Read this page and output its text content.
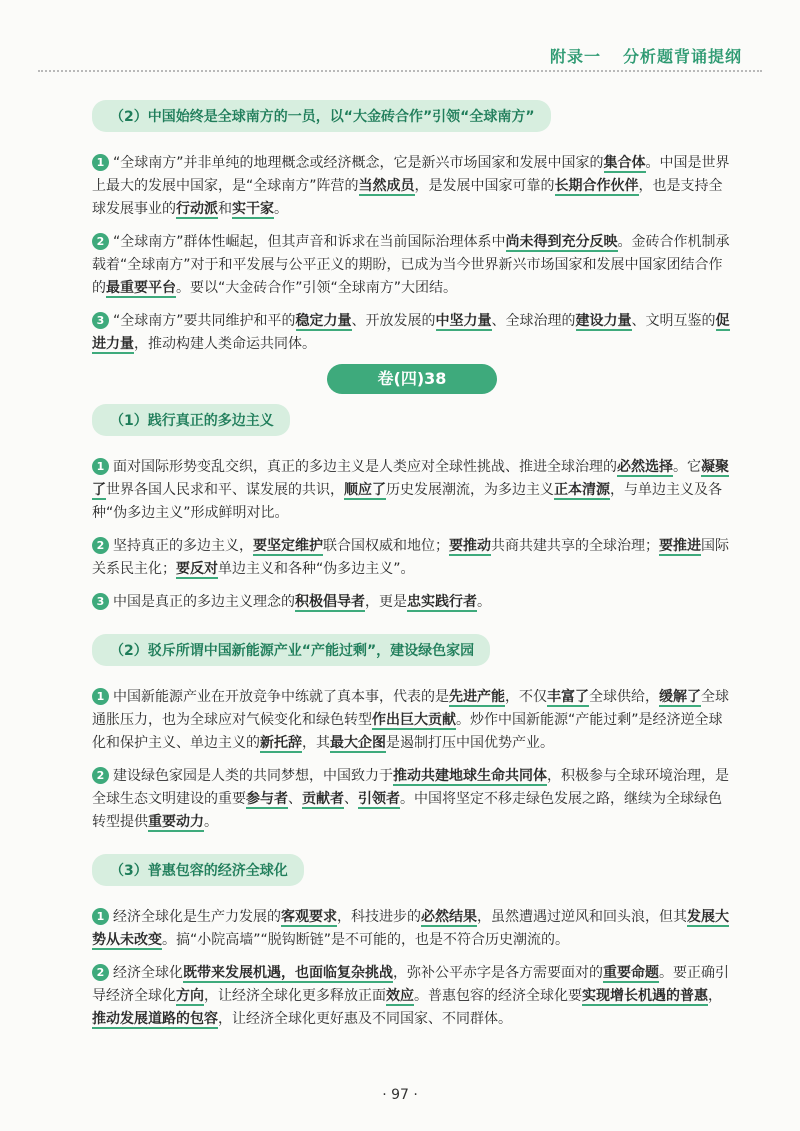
附录一 分析题背诵提纲
（2）中国始终是全球南方的一员，以“大金砖合作”引领“全球南方”

1 “全球南方”并非单纯的地理概念或经济概念，它是新兴市场国家和发展中国家的集合体。中国是世界上最大的发展中国家，是“全球南方”阵营的当然成员，是发展中国家可靠的长期合作伙伴，也是支持全球发展事业的行动派和实干家。

2 “全球南方”群体性崛起，但其声音和诉求在当前国际治理体系中尚未得到充分反映。金砖合作机制承载着“全球南方”对于和平发展与公平正义的期盼，已成为当今世界新兴市场国家和发展中国家团结合作的最重要平台。要以“大金砖合作”引领“全球南方”大团结。

3 “全球南方”要共同维护和平的稳定力量、开放发展的中坚力量、全球治理的建设力量、文明互鉴的促进力量，推动构建人类命运共同体。

卷(四)38
（1）践行真正的多边主义

1 面对国际形势变乱交织，真正的多边主义是人类应对全球性挑战、推进全球治理的必然选择。它凝聚了世界各国人民求和平、谋发展的共识，顺应了历史发展潮流，为多边主义正本清源，与单边主义及各种“伪多边主义”形成鲜明对比。

2 坚持真正的多边主义，要坚定维护联合国权威和地位；要推动共商共建共享的全球治理；要推进国际关系民主化；要反对单边主义和各种“伪多边主义”。

3 中国是真正的多边主义理念的积极倡导者，更是忠实践行者。

（2）驳斥所谓中国新能源产业“产能过剩”，建设绿色家园

1 中国新能源产业在开放竞争中练就了真本事，代表的是先进产能，不仅丰富了全球供给，缓解了全球通胀压力，也为全球应对气候变化和绿色转型作出巨大贡献。炒作中国新能源“产能过剩”是经济逆全球化和保护主义、单边主义的新托辞，其最大企图是遏制打压中国优势产业。

2 建设绿色家园是人类的共同梦想，中国致力于推动共建地球生命共同体，积极参与全球环境治理，是全球生态文明建设的重要参与者、贡献者、引领者。中国将坚定不移走绿色发展之路，继续为全球绿色转型提供重要动力。

（3）普惠包容的经济全球化

1 经济全球化是生产力发展的客观要求，科技进步的必然结果，虽然遭遇过逆风和回头浪，但其发展大势从未改变。搞“小院高墙”“脱钩断链”是不可能的，也是不符合历史潮流的。

2 经济全球化既带来发展机遇，也面临复杂挑战，弥补公平赤字是各方需要面对的重要命题。要正确引导经济全球化方向，让经济全球化更多释放正面效应。普惠包容的经济全球化要实现增长机遇的普惠，推动发展道路的包容，让经济全球化更好惠及不同国家、不同群体。

· 97 ·
